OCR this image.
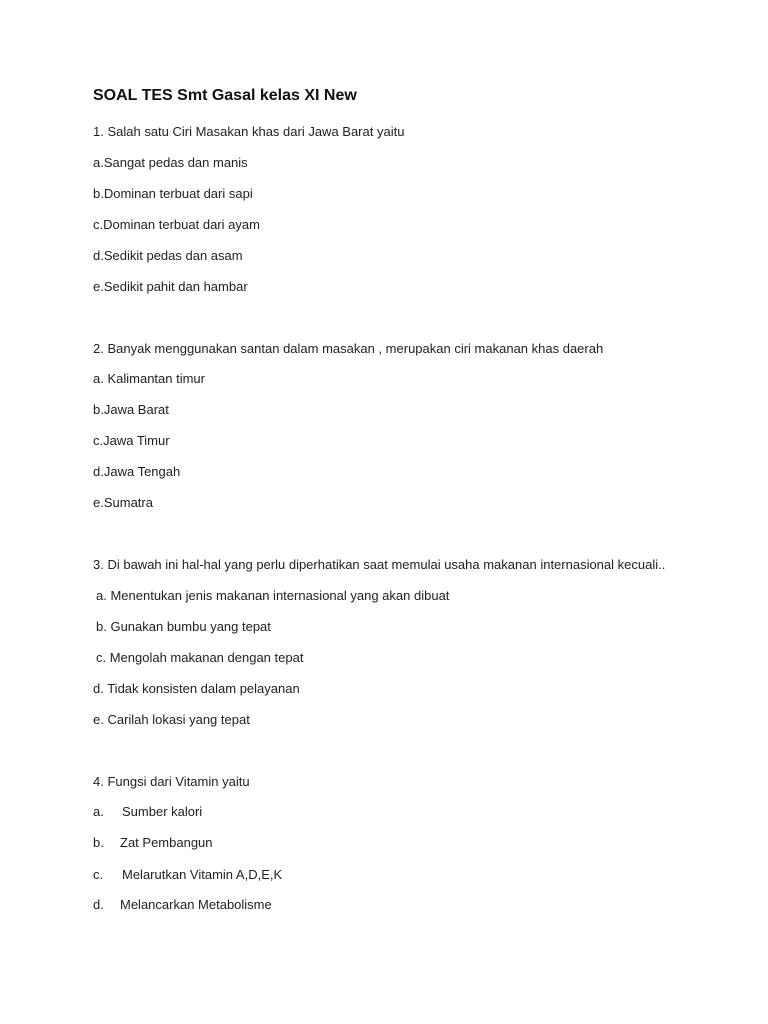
SOAL TES Smt Gasal kelas XI New
1. Salah satu Ciri Masakan khas dari Jawa Barat yaitu
a.Sangat pedas dan manis
b.Dominan terbuat dari sapi
c.Dominan terbuat dari ayam
d.Sedikit pedas dan asam
e.Sedikit pahit dan hambar
2. Banyak menggunakan santan dalam masakan , merupakan ciri makanan khas daerah
a. Kalimantan timur
b.Jawa Barat
c.Jawa Timur
d.Jawa Tengah
e.Sumatra
3. Di bawah ini hal-hal yang perlu diperhatikan saat memulai usaha makanan internasional kecuali..
a. Menentukan jenis makanan internasional yang akan dibuat
b. Gunakan bumbu yang tepat
c. Mengolah makanan dengan tepat
d. Tidak konsisten dalam pelayanan
e. Carilah lokasi yang tepat
4. Fungsi dari Vitamin yaitu
a. Sumber kalori
b. Zat Pembangun
c. Melarutkan Vitamin A,D,E,K
d. Melancarkan Metabolisme
